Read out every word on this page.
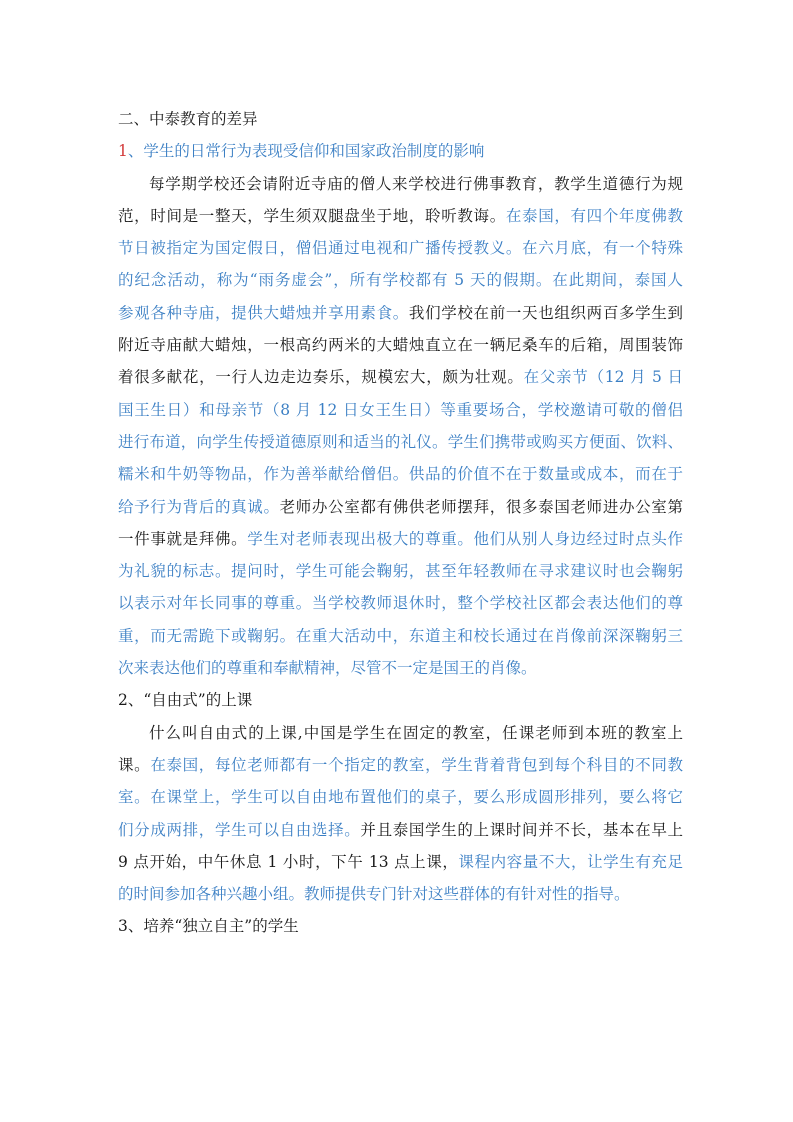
二、中泰教育的差异
1、学生的日常行为表现受信仰和国家政治制度的影响
每学期学校还会请附近寺庙的僧人来学校进行佛事教育，教学生道德行为规
范，时间是一整天，学生须双腿盘坐于地，聆听教诲。在泰国，有四个年度佛教
节日被指定为国定假日，僧侣通过电视和广播传授教义。在六月底，有一个特殊
的纪念活动，称为“雨务虚会”，所有学校都有 5 天的假期。在此期间，泰国人
参观各种寺庙，提供大蜡烛并享用素食。我们学校在前一天也组织两百多学生到
附近寺庙献大蜡烛，一根高约两米的大蜡烛直立在一辆尼桑车的后箱，周围装饰
着很多献花，一行人边走边奏乐，规模宏大，颇为壮观。在父亲节（12 月 5 日
国王生日）和母亲节（8 月 12 日女王生日）等重要场合，学校邀请可敬的僧侣
进行布道，向学生传授道德原则和适当的礼仪。学生们携带或购买方便面、饮料、
糯米和牛奶等物品，作为善举献给僧侣。供品的价值不在于数量或成本，而在于
给予行为背后的真诚。老师办公室都有佛供老师摆拜，很多泰国老师进办公室第
一件事就是拜佛。学生对老师表现出极大的尊重。他们从别人身边经过时点头作
为礼貌的标志。提问时，学生可能会鞠躬，甚至年轻教师在寻求建议时也会鞠躬
以表示对年长同事的尊重。当学校教师退休时，整个学校社区都会表达他们的尊
重，而无需跪下或鞠躬。在重大活动中，东道主和校长通过在肖像前深深鞠躬三
次来表达他们的尊重和奉献精神，尽管不一定是国王的肖像。
2、“自由式”的上课
什么叫自由式的上课,中国是学生在固定的教室，任课老师到本班的教室上
课。在泰国，每位老师都有一个指定的教室，学生背着背包到每个科目的不同教
室。在课堂上，学生可以自由地布置他们的桌子，要么形成圆形排列，要么将它
们分成两排，学生可以自由选择。并且泰国学生的上课时间并不长，基本在早上
9 点开始，中午休息 1 小时，下午 13 点上课，课程内容量不大，让学生有充足
的时间参加各种兴趣小组。教师提供专门针对这些群体的有针对性的指导。
3、培养“独立自主”的学生
